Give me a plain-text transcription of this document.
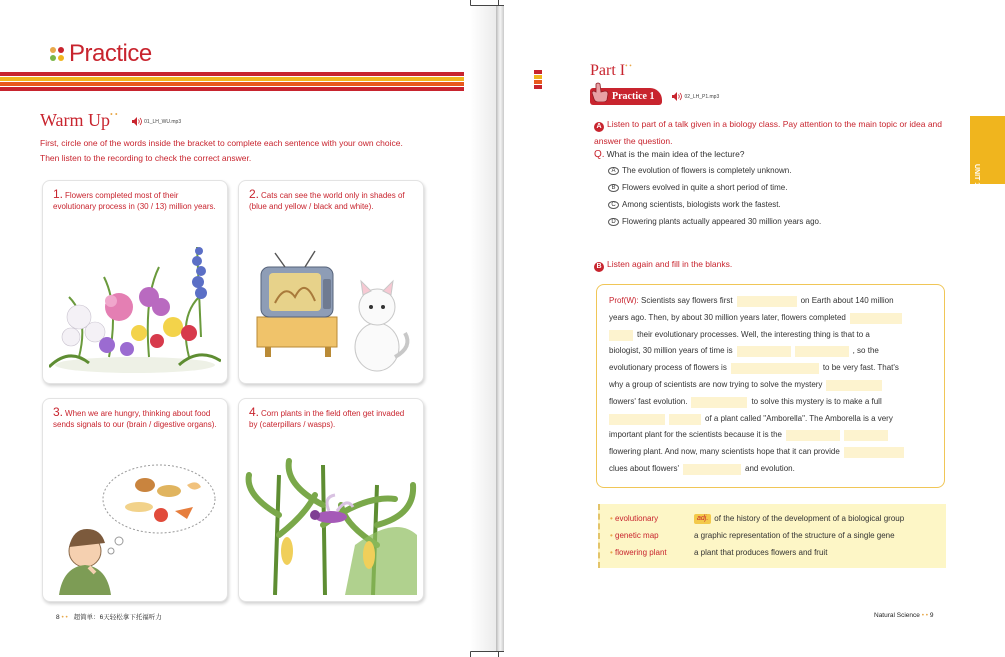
Practice
Warm Up• •
01_LH_WU.mp3
First, circle one of the words inside the bracket to complete each sentence with your own choice. Then listen to the recording to check the correct answer.
1. Flowers completed most of their evolutionary process in (30 / 13) million years.
2. Cats can see the world only in shades of (blue and yellow / black and white).
3. When we are hungry, thinking about food sends signals to our (brain / digestive organs).
4. Corn plants in the field often get invaded by (caterpillars / wasps).
8 • • 超简单：6天轻松拿下托福听力
Part I• •
Practice 1	02_LH_P1.mp3
A Listen to part of a talk given in a biology class. Pay attention to the main topic or idea and answer the question.
Q. What is the main idea of the lecture?
A The evolution of flowers is completely unknown.
B Flowers evolved in quite a short period of time.
C Among scientists, biologists work the fastest.
D Flowering plants actually appeared 30 million years ago.
B Listen again and fill in the blanks.
Prof(W):
Scientists say flowers first	on Earth about 140 million
years ago. Then, by about 30 million years later, flowers completed
their evolutionary processes. Well, the interesting thing is that to a
biologist, 30 million years of time is	, so the
evolutionary process of flowers is	to be very fast. That's
why a group of scientists are now trying to solve the mystery
flowers' fast evolution.	to solve this mystery is to make a full
of a plant called "Amborella". The Amborella is a very
important plant for the scientists because it is the
flowering plant. And now, many scientists hope that it can provide
clues about flowers'	and evolution.
• evolutionary	adj. of the history of the development of a biological group
• genetic map	a graphic representation of the structure of a single gene
• flowering plant	a plant that produces flowers and fruit
UNIT 1
Natural Science • • 9
